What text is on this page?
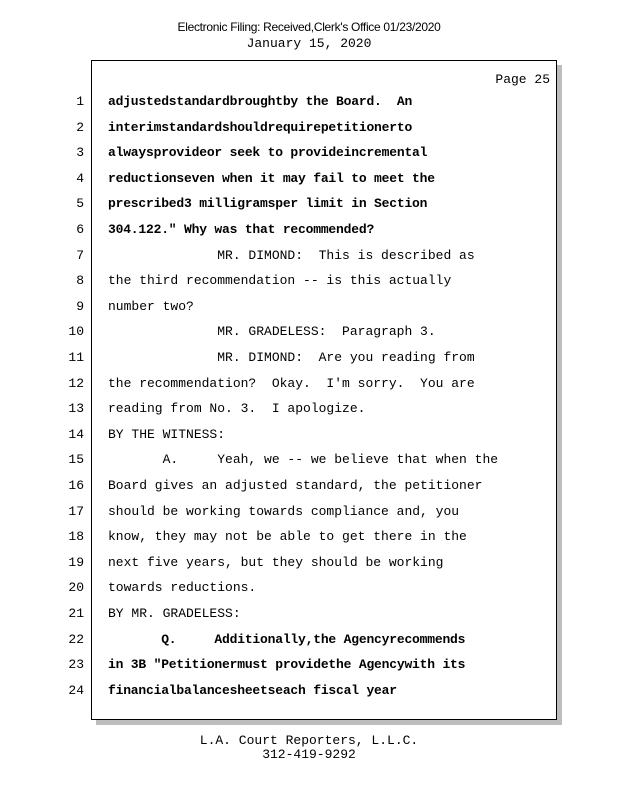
Electronic Filing: Received,Clerk's Office 01/23/2020
January 15, 2020
Page 25
1
2
3
4
5
6
7
8
9
10
11
12
13
14
15
16
17
18
19
20
21
22
23
24
adjustedstandardbroughtby the Board.  An
interimstandardshouldrequirepetitionerto
alwaysprovideor seek to provideincremental
reductionseven when it may fail to meet the
prescribed3 milligramsper limit in Section
304.122." Why was that recommended?
MR. DIMOND:  This is described as
the third recommendation -- is this actually
number two?
MR. GRADELESS:  Paragraph 3.
MR. DIMOND:  Are you reading from
the recommendation?  Okay.  I'm sorry.  You are
reading from No. 3.  I apologize.
BY THE WITNESS:
A.     Yeah, we -- we believe that when the
Board gives an adjusted standard, the petitioner
should be working towards compliance and, you
know, they may not be able to get there in the
next five years, but they should be working
towards reductions.
BY MR. GRADELESS:
Q.     Additionally,the Agencyrecommends
in 3B "Petitionermust providethe Agencywith its
financialbalancesheetseach fiscal year
L.A. Court Reporters, L.L.C.
312-419-9292
